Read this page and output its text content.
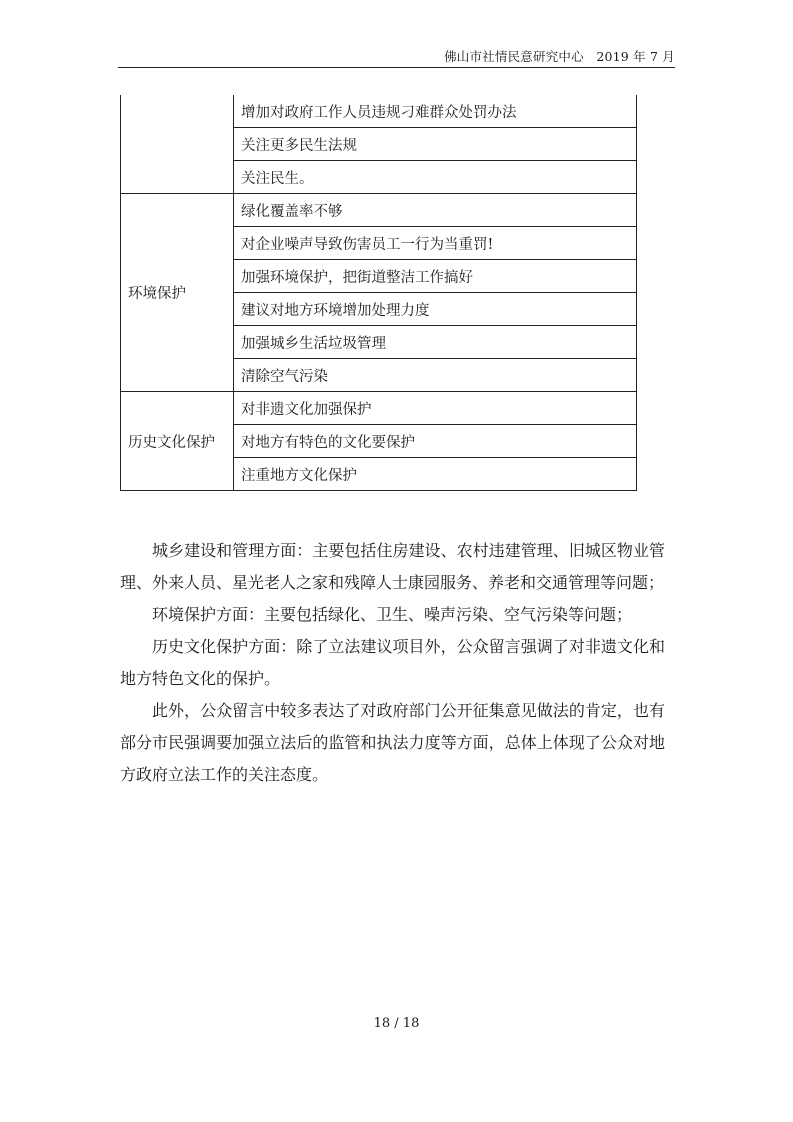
佛山市社情民意研究中心 2019 年 7 月
	增加对政府工作人员违规刁难群众处罚办法
	关注更多民生法规
	关注民生。
环境保护	绿化覆盖率不够
	对企业噪声导致伤害员工一行为当重罚!
	加强环境保护，把街道整洁工作搞好
	建议对地方环境增加处理力度
	加强城乡生活垃圾管理
	清除空气污染
历史文化保护	对非遗文化加强保护
	对地方有特色的文化要保护
	注重地方文化保护

城乡建设和管理方面：主要包括住房建设、农村违建管理、旧城区物业管理、外来人员、星光老人之家和残障人士康园服务、养老和交通管理等问题；

环境保护方面：主要包括绿化、卫生、噪声污染、空气污染等问题；

历史文化保护方面：除了立法建议项目外，公众留言强调了对非遗文化和地方特色文化的保护。

此外，公众留言中较多表达了对政府部门公开征集意见做法的肯定，也有部分市民强调要加强立法后的监管和执法力度等方面，总体上体现了公众对地方政府立法工作的关注态度。

18 / 18
